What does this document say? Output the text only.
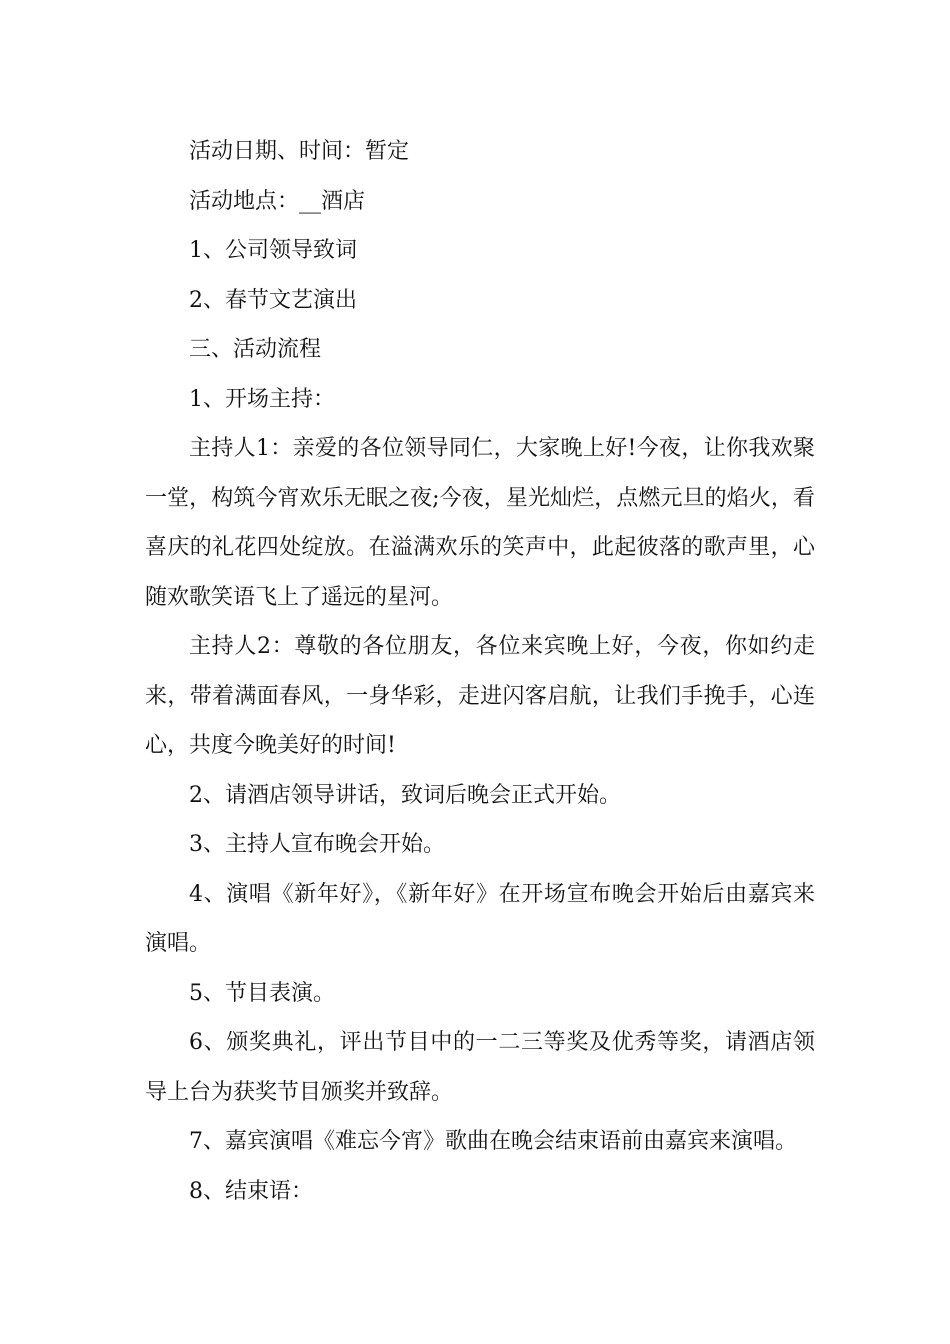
活动日期、时间：暂定

活动地点：__酒店

1、公司领导致词

2、春节文艺演出

三、活动流程

1、开场主持：

主持人1：亲爱的各位领导同仁，大家晚上好!今夜，让你我欢聚一堂，构筑今宵欢乐无眠之夜;今夜，星光灿烂，点燃元旦的焰火，看喜庆的礼花四处绽放。在溢满欢乐的笑声中，此起彼落的歌声里，心随欢歌笑语飞上了遥远的星河。

主持人2：尊敬的各位朋友，各位来宾晚上好，今夜，你如约走来，带着满面春风，一身华彩，走进闪客启航，让我们手挽手，心连心，共度今晚美好的时间!

2、请酒店领导讲话，致词后晚会正式开始。

3、主持人宣布晚会开始。

4、演唱《新年好》，《新年好》在开场宣布晚会开始后由嘉宾来演唱。

5、节目表演。

6、颁奖典礼，评出节目中的一二三等奖及优秀等奖，请酒店领导上台为获奖节目颁奖并致辞。

7、嘉宾演唱《难忘今宵》歌曲在晚会结束语前由嘉宾来演唱。

8、结束语：
